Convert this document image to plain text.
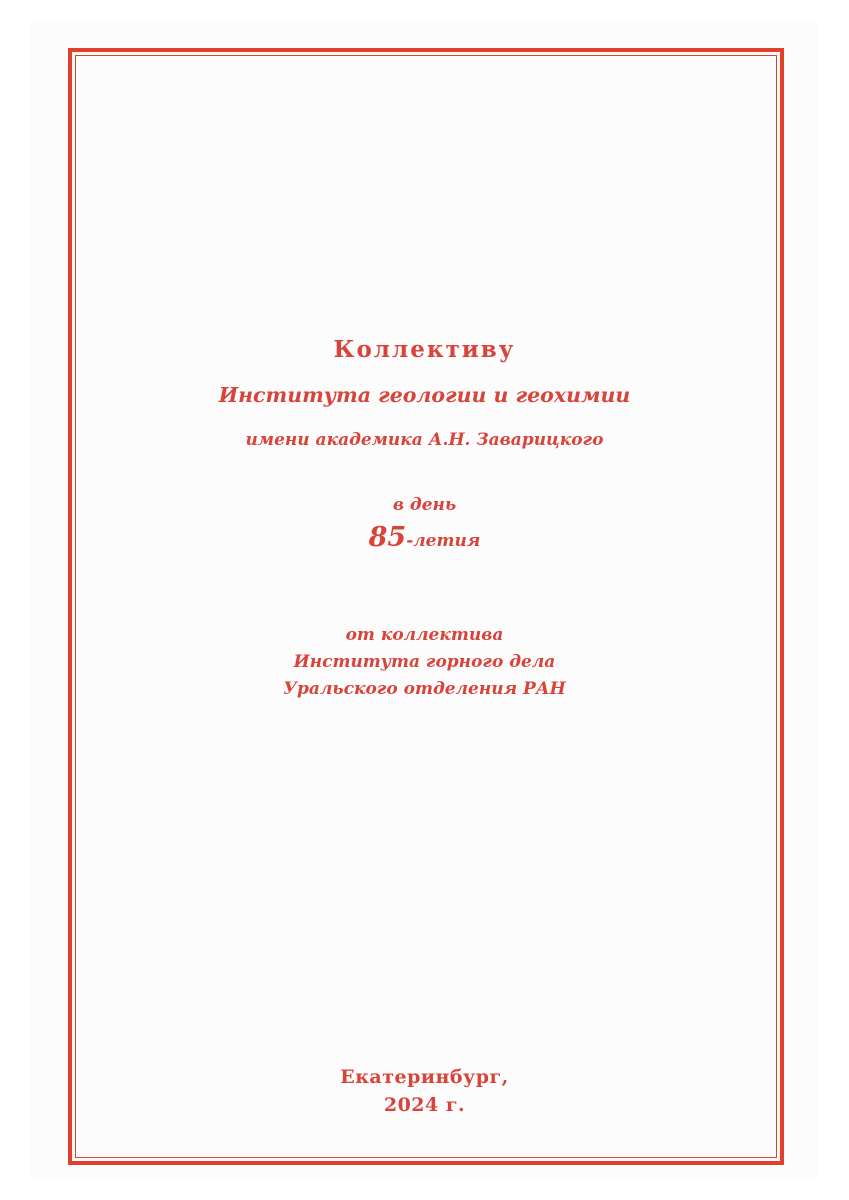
Коллективу
Института геологии и геохимии
имени академика А.Н. Заварицкого
в день
85-летия
от коллектива
Института горного дела
Уральского отделения РАН
Екатеринбург,
2024 г.
